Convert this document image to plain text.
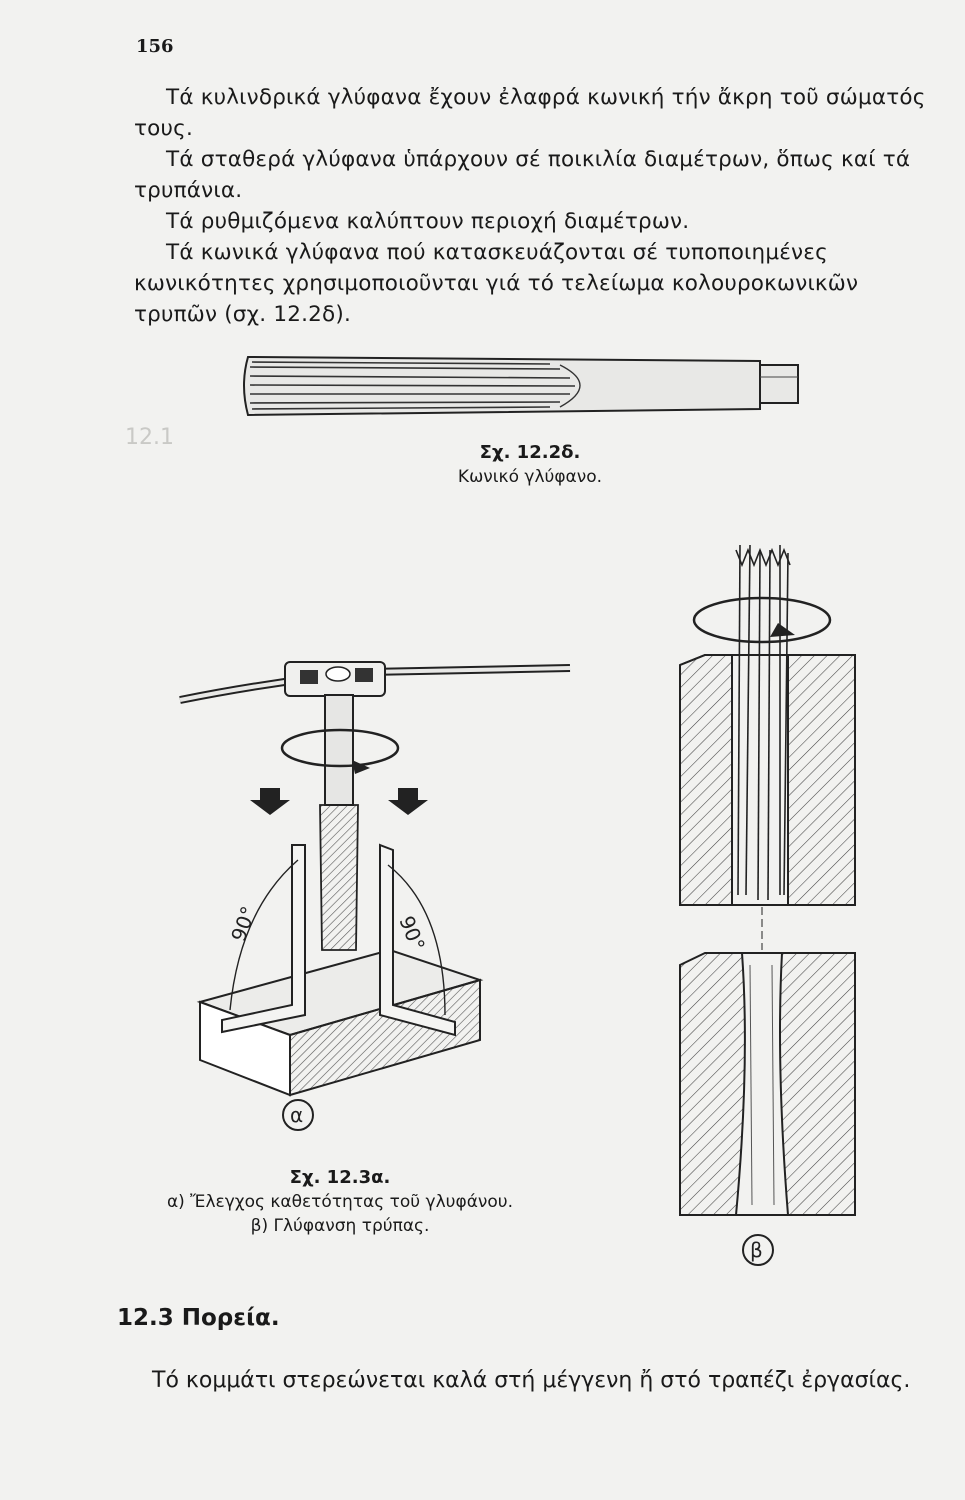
12.1
156

Τά κυλινδρικά γλύφανα ἔχουν ἐλαφρά κωνική τήν ἄκρη τοῦ σώματός τους.

Τά σταθερά γλύφανα ὑπάρχουν σέ ποικιλία διαμέτρων, ὅπως καί τά τρυπάνια.

Τά ρυθμιζόμενα καλύπτουν περιοχή διαμέτρων.

Τά κωνικά γλύφανα πού κατασκευάζονται σέ τυποποιημένες κωνικότητες χρησιμοποιοῦνται γιά τό τελείωμα κολουροκωνικῶν τρυπῶν (σχ. 12.2δ).

Σχ. 12.2δ.
Κωνικό γλύφανο.
90°	90°
α
β
Σχ. 12.3α.
α) Ἔλεγχος καθετότητας τοῦ γλυφάνου.
β) Γλύφανση τρύπας.
12.3 Πορεία.

Τό κομμάτι στερεώνεται καλά στή μέγγενη ἤ στό τραπέζι ἐργασίας.
